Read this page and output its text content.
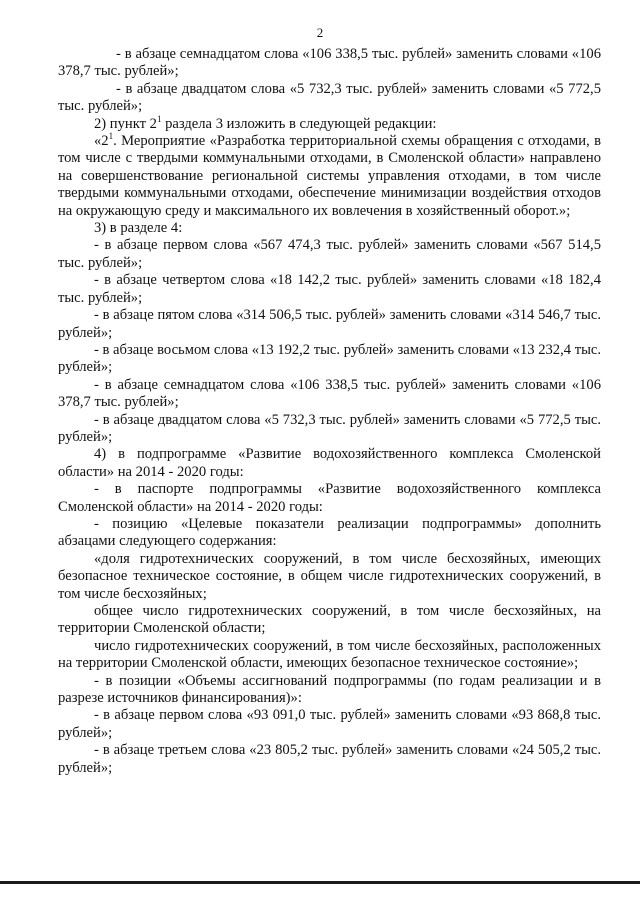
2

- в абзаце семнадцатом слова «106 338,5 тыс. рублей» заменить словами «106 378,7 тыс. рублей»;

- в абзаце двадцатом слова «5 732,3 тыс. рублей» заменить словами «5 772,5 тыс. рублей»;

2) пункт $2^1$ раздела 3 изложить в следующей редакции:

«$2^1$. Мероприятие «Разработка территориальной схемы обращения с отходами, в том числе с твердыми коммунальными отходами, в Смоленской области» направлено на совершенствование региональной системы управления отходами, в том числе твердыми коммунальными отходами, обеспечение минимизации воздействия отходов на окружающую среду и максимального их вовлечения в хозяйственный оборот.»;

3) в разделе 4:

- в абзаце первом слова «567 474,3 тыс. рублей» заменить словами «567 514,5 тыс. рублей»;

- в абзаце четвертом слова «18 142,2 тыс. рублей» заменить словами «18 182,4 тыс. рублей»;

- в абзаце пятом слова «314 506,5 тыс. рублей» заменить словами «314 546,7 тыс. рублей»;

- в абзаце восьмом слова «13 192,2 тыс. рублей» заменить словами «13 232,4 тыс. рублей»;

- в абзаце семнадцатом слова «106 338,5 тыс. рублей» заменить словами «106 378,7 тыс. рублей»;

- в абзаце двадцатом слова «5 732,3 тыс. рублей» заменить словами «5 772,5 тыс. рублей»;

4) в подпрограмме «Развитие водохозяйственного комплекса Смоленской области» на 2014 - 2020 годы:

- в паспорте подпрограммы «Развитие водохозяйственного комплекса Смоленской области» на 2014 - 2020 годы:

- позицию «Целевые показатели реализации подпрограммы» дополнить абзацами следующего содержания:

«доля гидротехнических сооружений, в том числе бесхозяйных, имеющих безопасное техническое состояние, в общем числе гидротехнических сооружений, в том числе бесхозяйных;

общее число гидротехнических сооружений, в том числе бесхозяйных, на территории Смоленской области;

число гидротехнических сооружений, в том числе бесхозяйных, расположенных на территории Смоленской области, имеющих безопасное техническое состояние»;

- в позиции «Объемы ассигнований подпрограммы (по годам реализации и в разрезе источников финансирования)»:

- в абзаце первом слова «93 091,0 тыс. рублей» заменить словами «93 868,8 тыс. рублей»;

- в абзаце третьем слова «23 805,2 тыс. рублей» заменить словами «24 505,2 тыс. рублей»;
